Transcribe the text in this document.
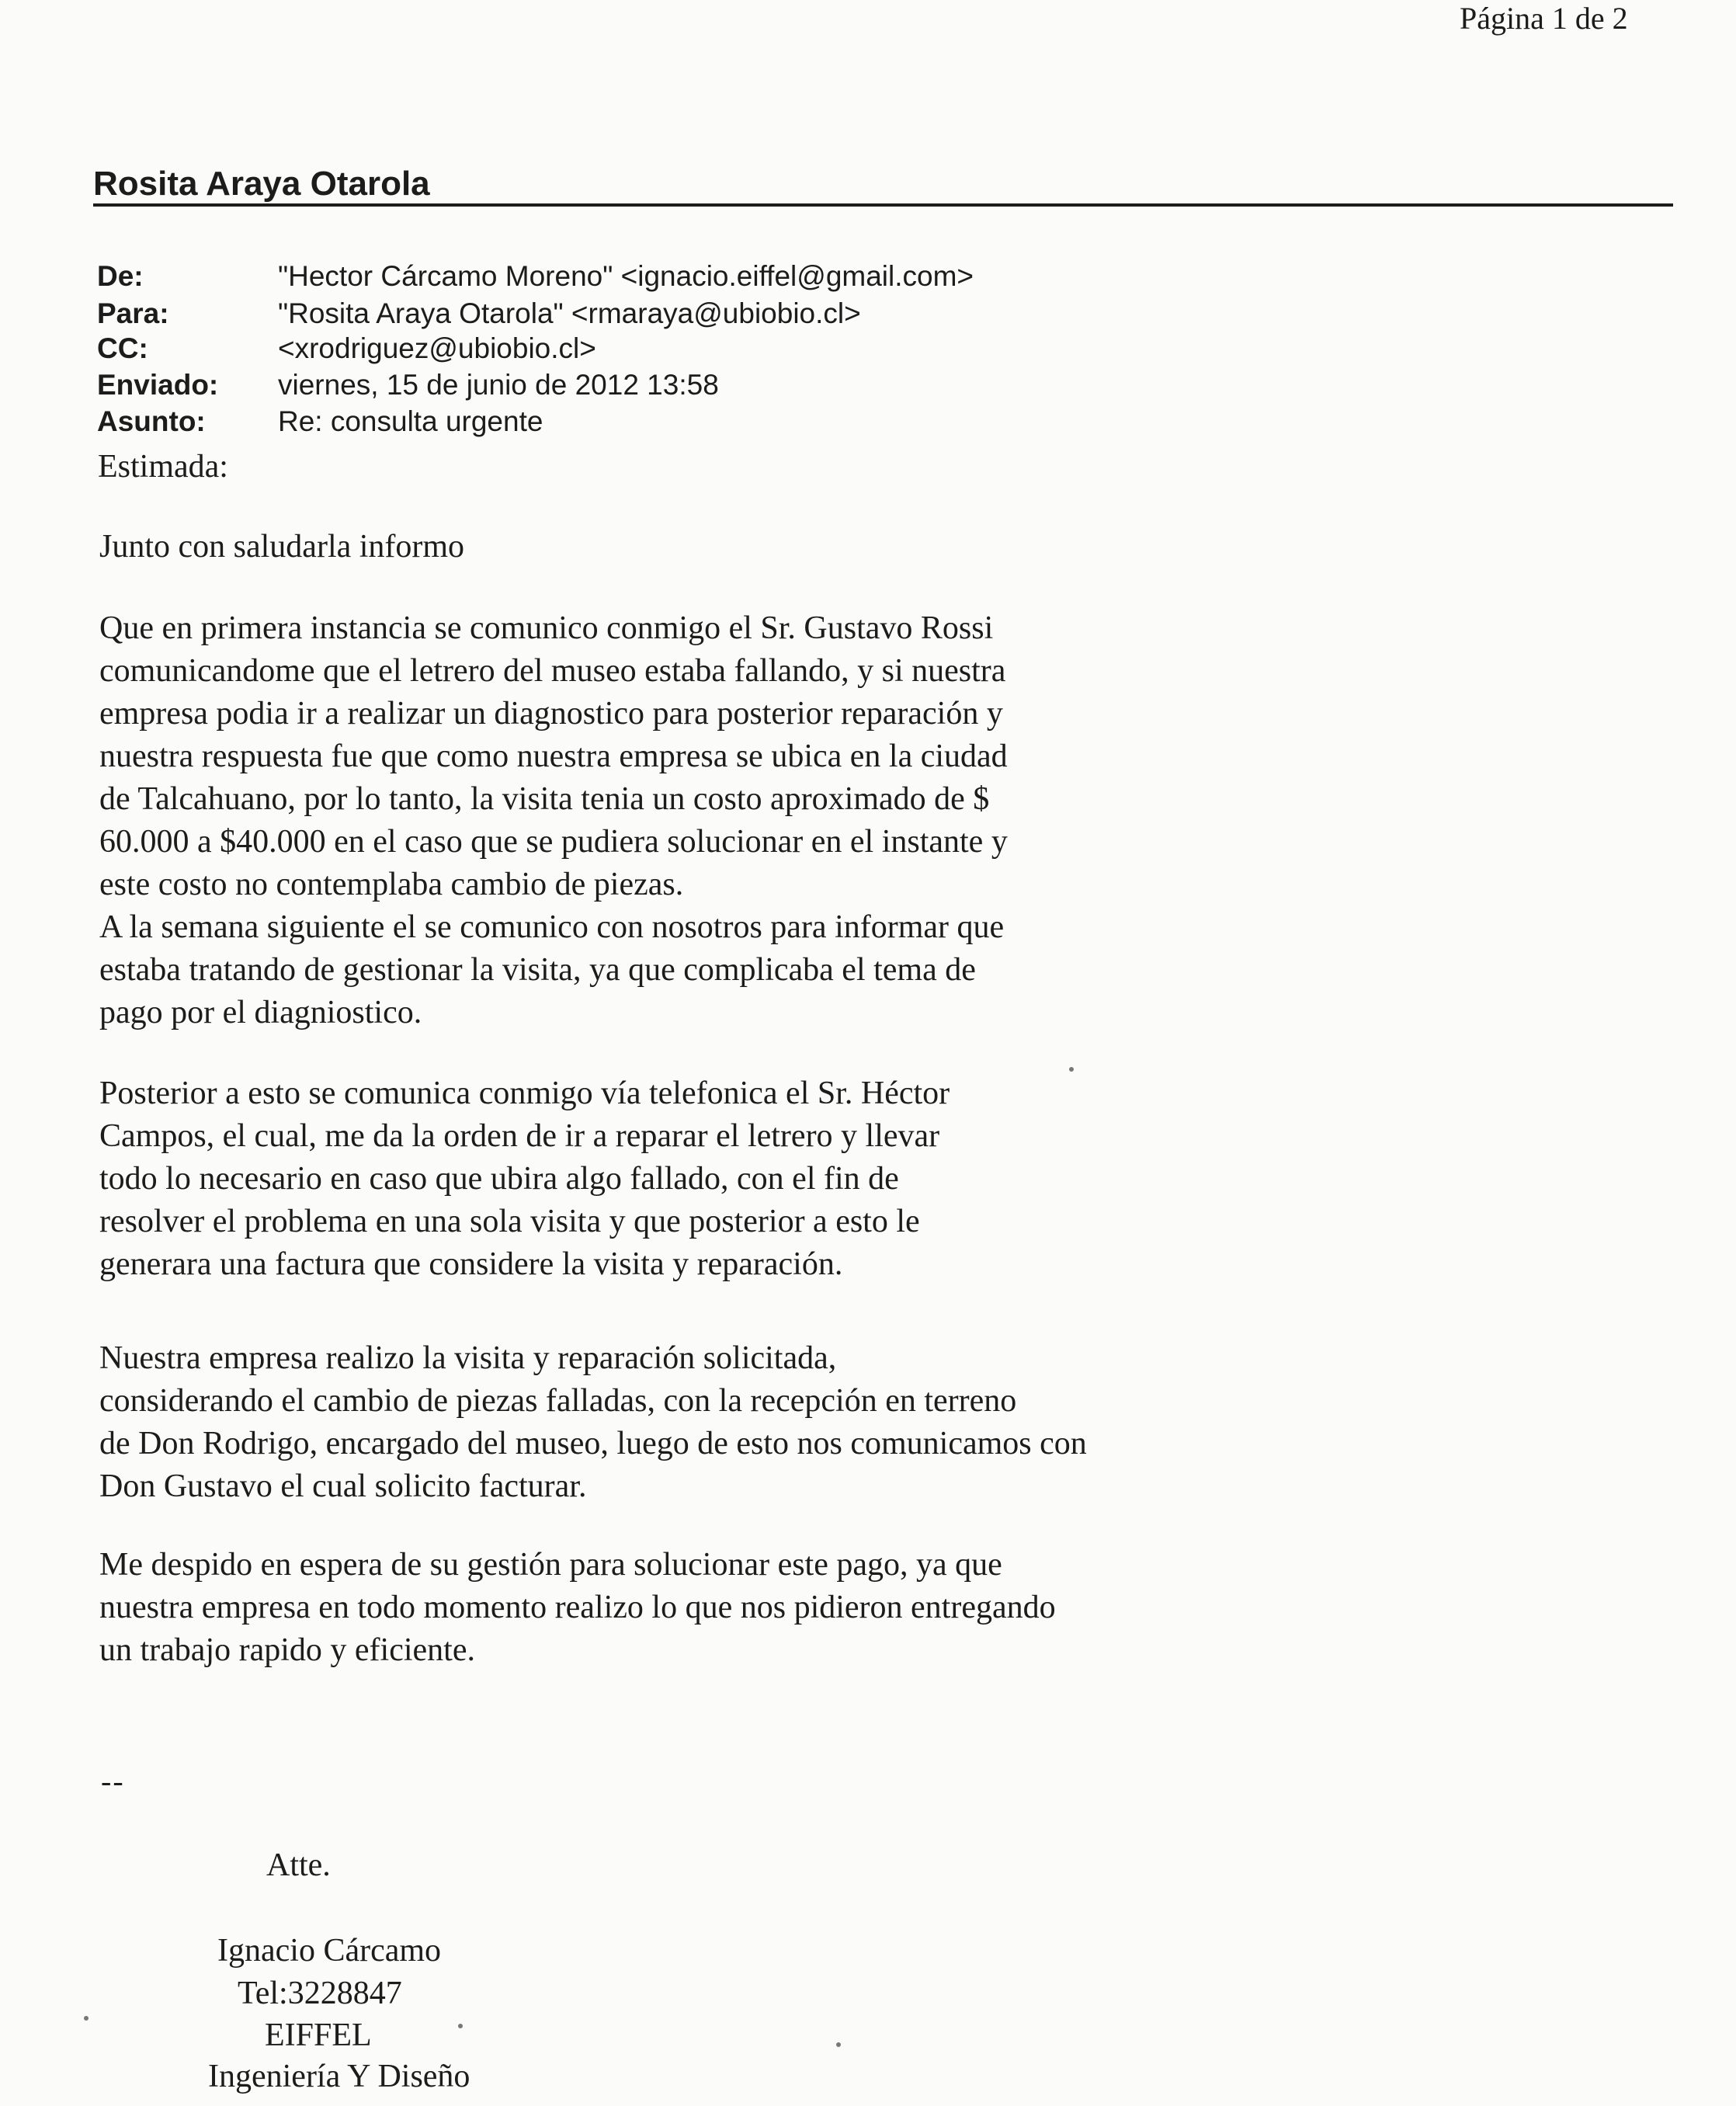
Página 1 de 2
Rosita Araya Otarola
De:	"Hector Cárcamo Moreno" <ignacio.eiffel@gmail.com>
Para:	"Rosita Araya Otarola" <rmaraya@ubiobio.cl>
CC:	<xrodriguez@ubiobio.cl>
Enviado: viernes, 15 de junio de 2012 13:58
Asunto:	Re: consulta urgente
Estimada:

Junto con saludarla informo

Que en primera instancia se comunico conmigo el Sr. Gustavo Rossi
comunicandome que el letrero del museo estaba fallando, y si nuestra
empresa podia ir a realizar un diagnostico para posterior reparación y
nuestra respuesta fue que como nuestra empresa se ubica en la ciudad
de Talcahuano, por lo tanto, la visita tenia un costo aproximado de $
60.000 a $40.000 en el caso que se pudiera solucionar en el instante y
este costo no contemplaba cambio de piezas.
A la semana siguiente el se comunico con nosotros para informar que
estaba tratando de gestionar la visita, ya que complicaba el tema de
pago por el diagniostico.

Posterior a esto se comunica conmigo vía telefonica el Sr. Héctor
Campos, el cual, me da la orden de ir a reparar el letrero y llevar
todo lo necesario en caso que ubira algo fallado, con el fin de
resolver el problema en una sola visita y que posterior a esto le
generara una factura que considere la visita y reparación.

Nuestra empresa realizo la visita y reparación solicitada,
considerando el cambio de piezas falladas, con la recepción en terreno
de Don Rodrigo, encargado del museo, luego de esto nos comunicamos con
Don Gustavo el cual solicito facturar.

Me despido en espera de su gestión para solucionar este pago, ya que
nuestra empresa en todo momento realizo lo que nos pidieron entregando
un trabajo rapido y eficiente.

--
Atte.
Ignacio Cárcamo
Tel:3228847
EIFFEL
Ingeniería Y Diseño
